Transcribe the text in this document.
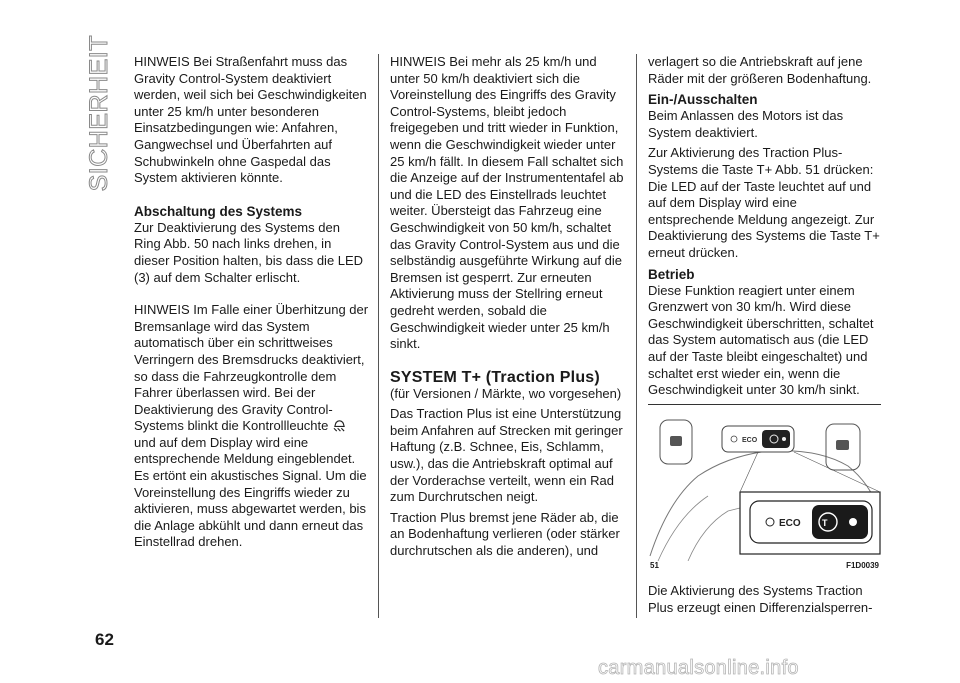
SICHERHEIT HINWEIS Bei Straßenfahrt muss das Gravity Control-System deaktiviert werden, weil sich bei Geschwindigkeiten unter 25 km/h unter besonderen Einsatzbedingungen wie: Anfahren, Gangwechsel und Überfahrten auf Schubwinkeln ohne Gaspedal das System aktivieren könnte.

Abschaltung des Systems

Zur Deaktivierung des Systems den Ring Abb. 50 nach links drehen, in dieser Position halten, bis dass die LED (3) auf dem Schalter erlischt.

HINWEIS Im Falle einer Überhitzung der Bremsanlage wird das System automatisch über ein schrittweises Verringern des Bremsdrucks deaktiviert, so dass die Fahrzeugkontrolle dem Fahrer überlassen wird. Bei der Deaktivierung des Gravity Control-Systems blinkt die Kontrollleuchte  und auf dem Display wird eine entsprechende Meldung eingeblendet. Es ertönt ein akustisches Signal. Um die Voreinstellung des Eingriffs wieder zu aktivieren, muss abgewartet werden, bis die Anlage abkühlt und dann erneut das Einstellrad drehen.

HINWEIS Bei mehr als 25 km/h und unter 50 km/h deaktiviert sich die Voreinstellung des Eingriffs des Gravity Control-Systems, bleibt jedoch freigegeben und tritt wieder in Funktion, wenn die Geschwindigkeit wieder unter 25 km/h fällt. In diesem Fall schaltet sich die Anzeige auf der Instrumententafel ab und die LED des Einstellrads leuchtet weiter. Übersteigt das Fahrzeug eine Geschwindigkeit von 50 km/h, schaltet das Gravity Control-System aus und die selbständig ausgeführte Wirkung auf die Bremsen ist gesperrt. Zur erneuten Aktivierung muss der Stellring erneut gedreht werden, sobald die Geschwindigkeit wieder unter 25 km/h sinkt.

SYSTEM T+ (Traction Plus)

(für Versionen / Märkte, wo vorgesehen)

Das Traction Plus ist eine Unterstützung beim Anfahren auf Strecken mit geringer Haftung (z.B. Schnee, Eis, Schlamm, usw.), das die Antriebskraft optimal auf der Vorderachse verteilt, wenn ein Rad zum Durchrutschen neigt.

Traction Plus bremst jene Räder ab, die an Bodenhaftung verlieren (oder stärker durchrutschen als die anderen), und

verlagert so die Antriebskraft auf jene Räder mit der größeren Bodenhaftung.

Ein-/Ausschalten

Beim Anlassen des Motors ist das System deaktiviert.

Zur Aktivierung des Traction Plus-Systems die Taste T+ Abb. 51 drücken: Die LED auf der Taste leuchtet auf und auf dem Display wird eine entsprechende Meldung angezeigt. Zur Deaktivierung des Systems die Taste T+ erneut drücken.

Betrieb

Diese Funktion reagiert unter einem Grenzwert von 30 km/h. Wird diese Geschwindigkeit überschritten, schaltet das System automatisch aus (die LED auf der Taste bleibt eingeschaltet) und schaltet erst wieder ein, wenn die Geschwindigkeit unter 30 km/h sinkt.

ECO
ECO T
51	F1D0039

Die Aktivierung des Systems Traction Plus erzeugt einen Differenzialsperren-

62
carmanualsonline.info
